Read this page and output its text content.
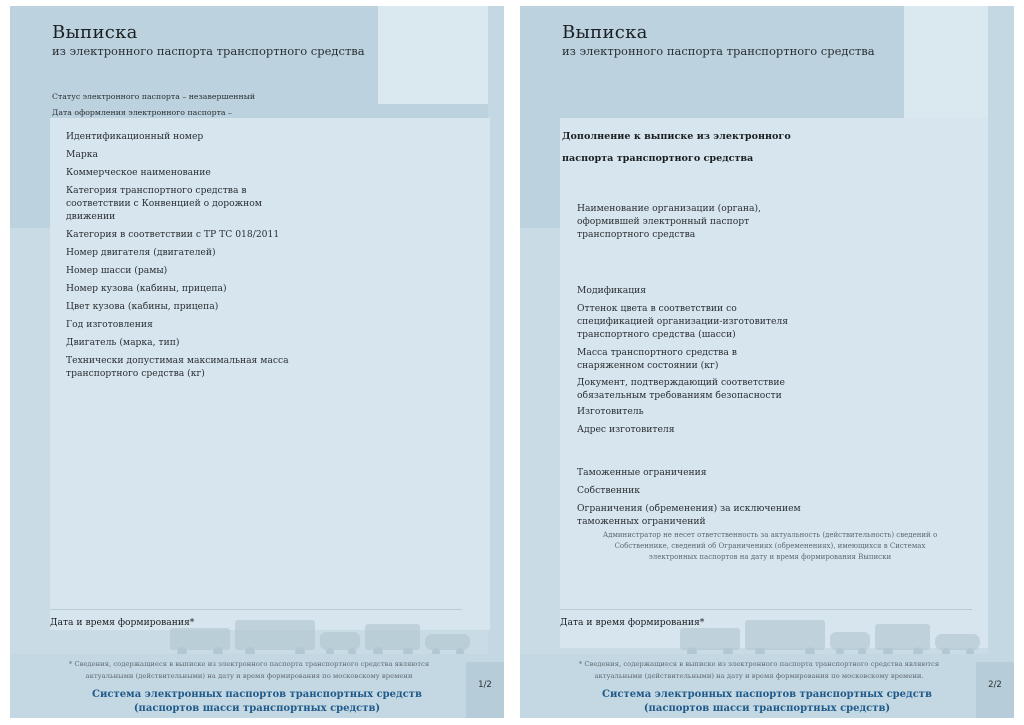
Выписка
из электронного паспорта транспортного средства
Статус электронного паспорта – незавершенный
Дата оформления электронного паспорта –
Идентификационный номер
Марка
Коммерческое наименование
Категория транспортного средства в соответствии с Конвенцией о дорожном движении
Категория в соответствии с ТР ТС 018/2011
Номер двигателя (двигателей)
Номер шасси (рамы)
Номер кузова (кабины, прицепа)
Цвет кузова (кабины, прицепа)
Год изготовления
Двигатель (марка, тип)
Технически допустимая максимальная масса транспортного средства (кг)
Дата и время формирования*
* Сведения, содержащиеся в выписке из электронного паспорта транспортного средства являются
актуальными (действительными) на дату и время формирования по московскому времени
Система электронных паспортов транспортных средств
(паспортов шасси транспортных средств)
1/2
Выписка
из электронного паспорта транспортного средства
Дополнение к выписке из электронного
паспорта транспортного средства
Наименование организации (органа), оформившей электронный паспорт транспортного средства
Модификация
Оттенок цвета в соответствии со спецификацией организации-изготовителя транспортного средства (шасси)
Масса транспортного средства в снаряженном состоянии (кг)
Документ, подтверждающий соответствие обязательным требованиям безопасности
Изготовитель
Адрес изготовителя
Таможенные ограничения
Собственник
Ограничения (обременения) за исключением таможенных ограничений
Администратор не несет ответственность за актуальность (действительность) сведений о Собственнике, сведений об Ограничениях (обременениях), имеющихся в Системах электронных паспортов на дату и время формирования Выписки
Дата и время формирования*
* Сведения, содержащиеся в выписке из электронного паспорта транспортного средства являются
актуальными (действительными) на дату и время формирования по московскому времени.
Система электронных паспортов транспортных средств
(паспортов шасси транспортных средств)
2/2
